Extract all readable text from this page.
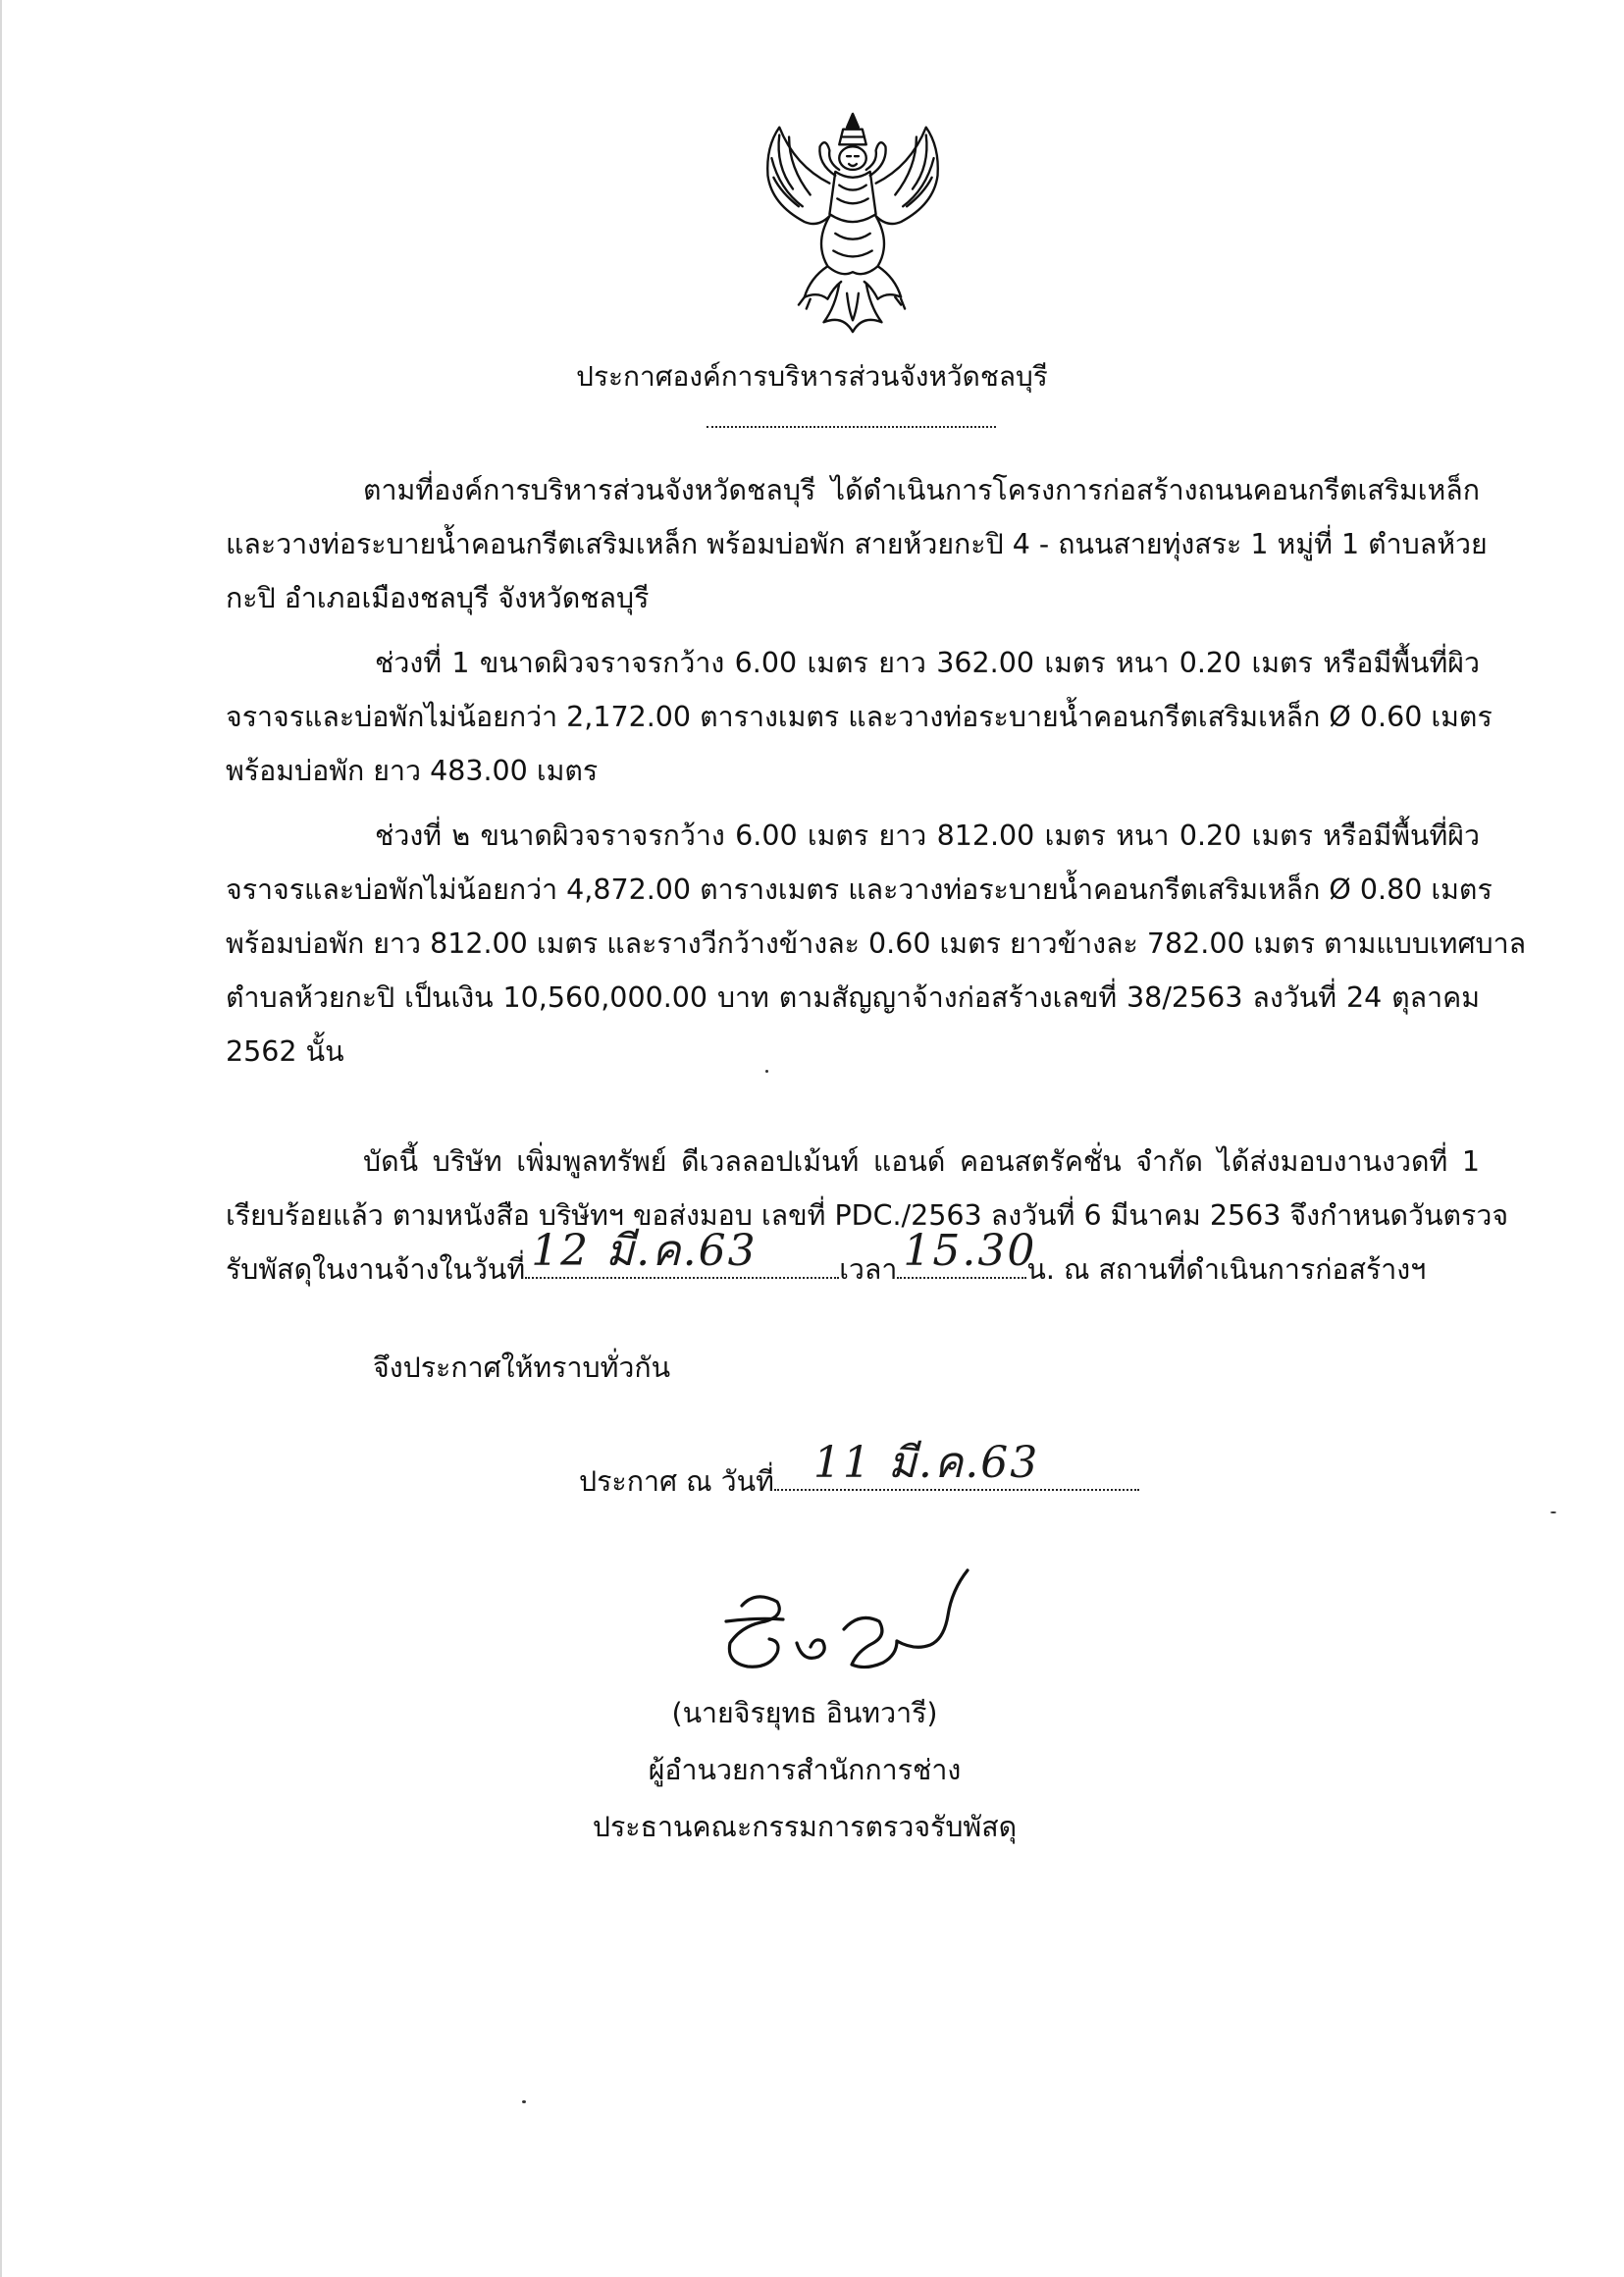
ประกาศองค์การบริหารส่วนจังหวัดชลบุรี
ตามที่องค์การบริหารส่วนจังหวัดชลบุรี ได้ดำเนินการโครงการก่อสร้างถนนคอนกรีตเสริมเหล็ก
และวางท่อระบายน้ำคอนกรีตเสริมเหล็ก พร้อมบ่อพัก สายห้วยกะปิ 4 - ถนนสายทุ่งสระ 1 หมู่ที่ 1 ตำบลห้วย
กะปิ อำเภอเมืองชลบุรี จังหวัดชลบุรี
ช่วงที่ 1 ขนาดผิวจราจรกว้าง 6.00 เมตร ยาว 362.00 เมตร หนา 0.20 เมตร หรือมีพื้นที่ผิว
จราจรและบ่อพักไม่น้อยกว่า 2,172.00 ตารางเมตร และวางท่อระบายน้ำคอนกรีตเสริมเหล็ก Ø 0.60 เมตร
พร้อมบ่อพัก ยาว 483.00 เมตร
ช่วงที่ ๒ ขนาดผิวจราจรกว้าง 6.00 เมตร ยาว 812.00 เมตร หนา 0.20 เมตร หรือมีพื้นที่ผิว
จราจรและบ่อพักไม่น้อยกว่า 4,872.00 ตารางเมตร และวางท่อระบายน้ำคอนกรีตเสริมเหล็ก Ø 0.80 เมตร
พร้อมบ่อพัก ยาว 812.00 เมตร และรางวีกว้างข้างละ 0.60 เมตร ยาวข้างละ 782.00 เมตร ตามแบบเทศบาล
ตำบลห้วยกะปิ เป็นเงิน 10,560,000.00 บาท ตามสัญญาจ้างก่อสร้างเลขที่ 38/2563 ลงวันที่ 24 ตุลาคม
2562 นั้น
บัดนี้ บริษัท เพิ่มพูลทรัพย์ ดีเวลลอปเม้นท์ แอนด์ คอนสตรัคชั่น จำกัด ได้ส่งมอบงานงวดที่ 1
เรียบร้อยแล้ว ตามหนังสือ บริษัทฯ ขอส่งมอบ เลขที่ PDC./2563 ลงวันที่ 6 มีนาคม 2563 จึงกำหนดวันตรวจ
รับพัสดุในงานจ้างในวันที่ 12 มี.ค.63	เวลา 15.30
น. ณ สถานที่ดำเนินการก่อสร้างฯ
จึงประกาศให้ทราบทั่วกัน
ประกาศ ณ วันที่ 11 มี.ค.63
(นายจิรยุทธ อินทวารี)
ผู้อำนวยการสำนักการช่าง
ประธานคณะกรรมการตรวจรับพัสดุ
